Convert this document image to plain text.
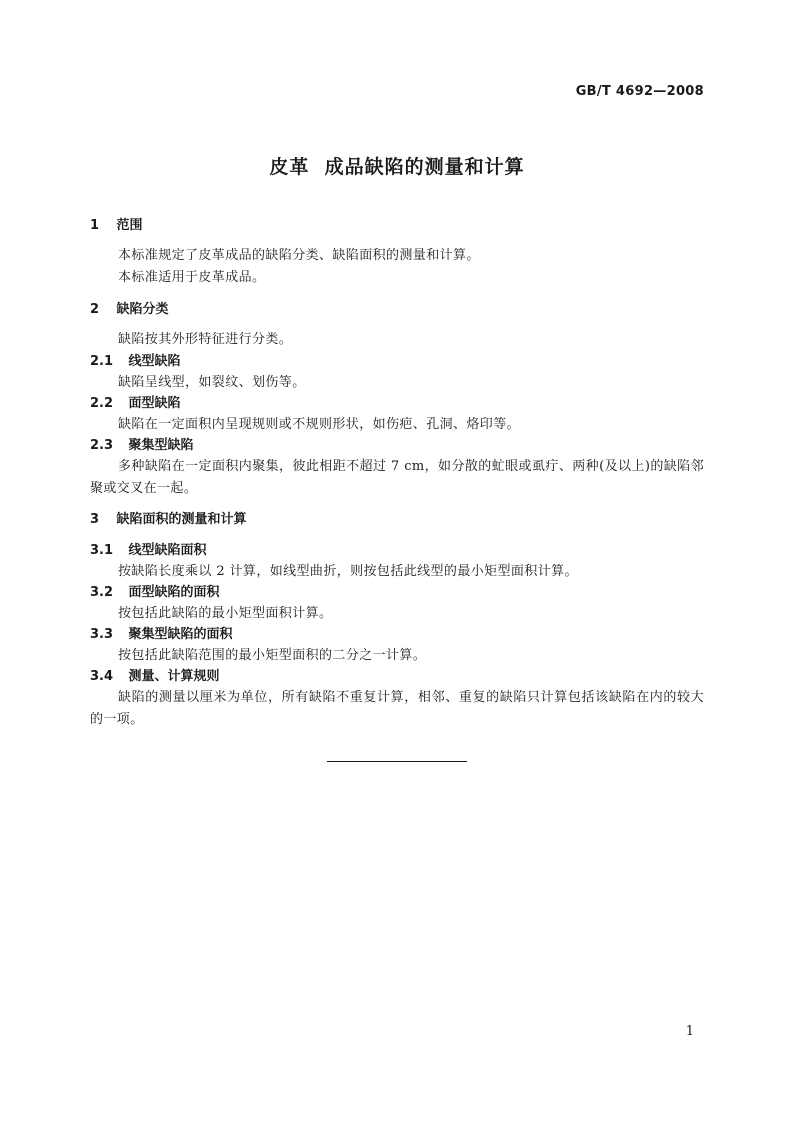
GB/T 4692—2008
皮革  成品缺陷的测量和计算
1 范围
本标准规定了皮革成品的缺陷分类、缺陷面积的测量和计算。
本标准适用于皮革成品。
2 缺陷分类
缺陷按其外形特征进行分类。
2.1 线型缺陷
缺陷呈线型，如裂纹、划伤等。
2.2 面型缺陷
缺陷在一定面积内呈现规则或不规则形状，如伤疤、孔洞、烙印等。
2.3 聚集型缺陷
多种缺陷在一定面积内聚集，彼此相距不超过 7 cm，如分散的虻眼或虱疔、两种(及以上)的缺陷邻聚或交叉在一起。
3 缺陷面积的测量和计算
3.1 线型缺陷面积
按缺陷长度乘以 2 计算，如线型曲折，则按包括此线型的最小矩型面积计算。
3.2 面型缺陷的面积
按包括此缺陷的最小矩型面积计算。
3.3 聚集型缺陷的面积
按包括此缺陷范围的最小矩型面积的二分之一计算。
3.4 测量、计算规则
缺陷的测量以厘米为单位，所有缺陷不重复计算，相邻、重复的缺陷只计算包括该缺陷在内的较大的一项。
1
